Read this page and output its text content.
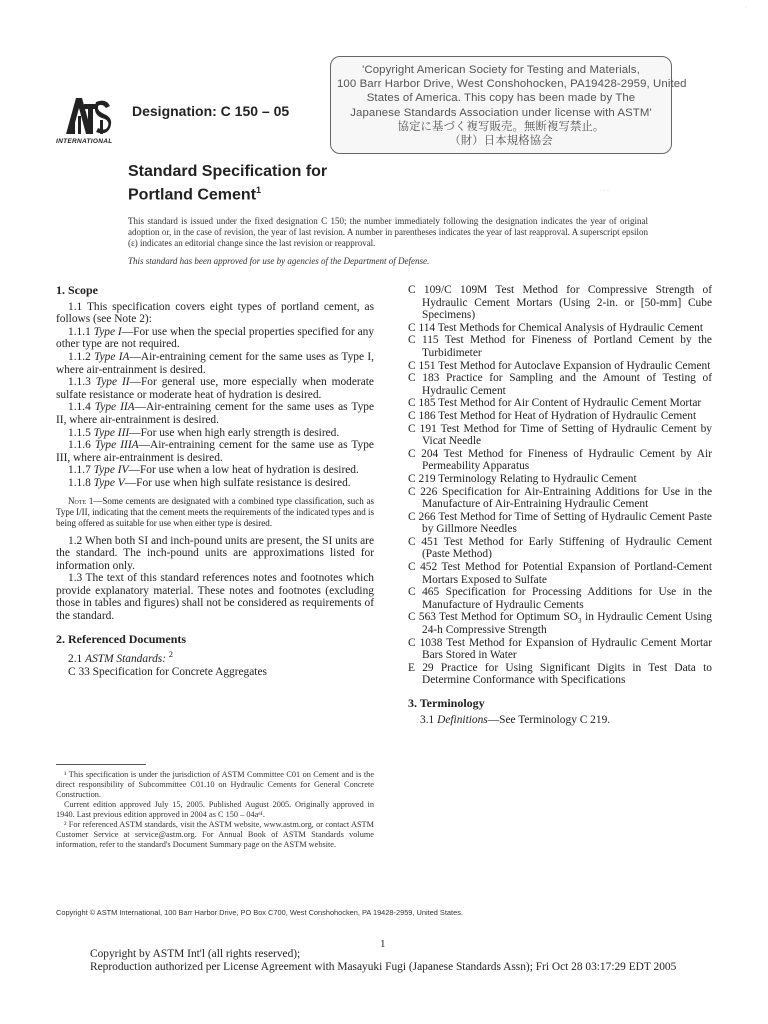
INTERNATIONAL
Designation: C 150 – 05
'Copyright American Society for Testing and Materials,
100 Barr Harbor Drive, West Conshohocken, PA19428-2959, United
States of America. This copy has been made by The
Japanese Standards Association under license with ASTM'
協定に基づく複写販売。無断複写禁止。
（財）日本規格協会
Standard Specification for
Portland Cement$^1$
This standard is issued under the fixed designation C 150; the number immediately following the designation indicates the year of original adoption or, in the case of revision, the year of last revision. A number in parentheses indicates the year of last reapproval. A superscript epsilon (ε) indicates an editorial change since the last revision or reapproval.
This standard has been approved for use by agencies of the Department of Defense.
· · ·
·
1. Scope

1.1 This specification covers eight types of portland cement, as follows (see Note 2):

1.1.1 Type I—For use when the special properties specified for any other type are not required.

1.1.2 Type IA—Air-entraining cement for the same uses as Type I, where air-entrainment is desired.

1.1.3 Type II—For general use, more especially when moderate sulfate resistance or moderate heat of hydration is desired.

1.1.4 Type IIA—Air-entraining cement for the same uses as Type II, where air-entrainment is desired.

1.1.5 Type III—For use when high early strength is desired.

1.1.6 Type IIIA—Air-entraining cement for the same use as Type III, where air-entrainment is desired.

1.1.7 Type IV—For use when a low heat of hydration is desired.

1.1.8 Type V—For use when high sulfate resistance is desired.

Note 1—Some cements are designated with a combined type classification, such as Type I/II, indicating that the cement meets the requirements of the indicated types and is being offered as suitable for use when either type is desired.

1.2 When both SI and inch-pound units are present, the SI units are the standard. The inch-pound units are approximations listed for information only.

1.3 The text of this standard references notes and footnotes which provide explanatory material. These notes and footnotes (excluding those in tables and figures) shall not be considered as requirements of the standard.

2. Referenced Documents

2.1 ASTM Standards: $^2$

C 33 Specification for Concrete Aggregates

¹ This specification is under the jurisdiction of ASTM Committee C01 on Cement and is the direct responsibility of Subcommittee C01.10 on Hydraulic Cements for General Concrete Construction.

Current edition approved July 15, 2005. Published August 2005. Originally approved in 1940. Last previous edition approved in 2004 as C 150 – 04aᵉ¹.

² For referenced ASTM standards, visit the ASTM website, www.astm.org, or contact ASTM Customer Service at service@astm.org. For Annual Book of ASTM Standards volume information, refer to the standard's Document Summary page on the ASTM website.

C 109/C 109M Test Method for Compressive Strength of Hydraulic Cement Mortars (Using 2-in. or [50-mm] Cube Specimens)

C 114 Test Methods for Chemical Analysis of Hydraulic Cement

C 115 Test Method for Fineness of Portland Cement by the Turbidimeter

C 151 Test Method for Autoclave Expansion of Hydraulic Cement

C 183 Practice for Sampling and the Amount of Testing of Hydraulic Cement

C 185 Test Method for Air Content of Hydraulic Cement Mortar

C 186 Test Method for Heat of Hydration of Hydraulic Cement

C 191 Test Method for Time of Setting of Hydraulic Cement by Vicat Needle

C 204 Test Method for Fineness of Hydraulic Cement by Air Permeability Apparatus

C 219 Terminology Relating to Hydraulic Cement

C 226 Specification for Air-Entraining Additions for Use in the Manufacture of Air-Entraining Hydraulic Cement

C 266 Test Method for Time of Setting of Hydraulic Cement Paste by Gillmore Needles

C 451 Test Method for Early Stiffening of Hydraulic Cement (Paste Method)

C 452 Test Method for Potential Expansion of Portland-Cement Mortars Exposed to Sulfate

C 465 Specification for Processing Additions for Use in the Manufacture of Hydraulic Cements

C 563 Test Method for Optimum SO₃ in Hydraulic Cement Using 24-h Compressive Strength

C 1038 Test Method for Expansion of Hydraulic Cement Mortar Bars Stored in Water

E 29 Practice for Using Significant Digits in Test Data to Determine Conformance with Specifications

3. Terminology

3.1 Definitions—See Terminology C 219.

Copyright © ASTM International, 100 Barr Harbor Drive, PO Box C700, West Conshohocken, PA 19428-2959, United States.
1
Copyright by ASTM Int'l (all rights reserved);
Reproduction authorized per License Agreement with Masayuki Fugi (Japanese Standards Assn); Fri Oct 28 03:17:29 EDT 2005
